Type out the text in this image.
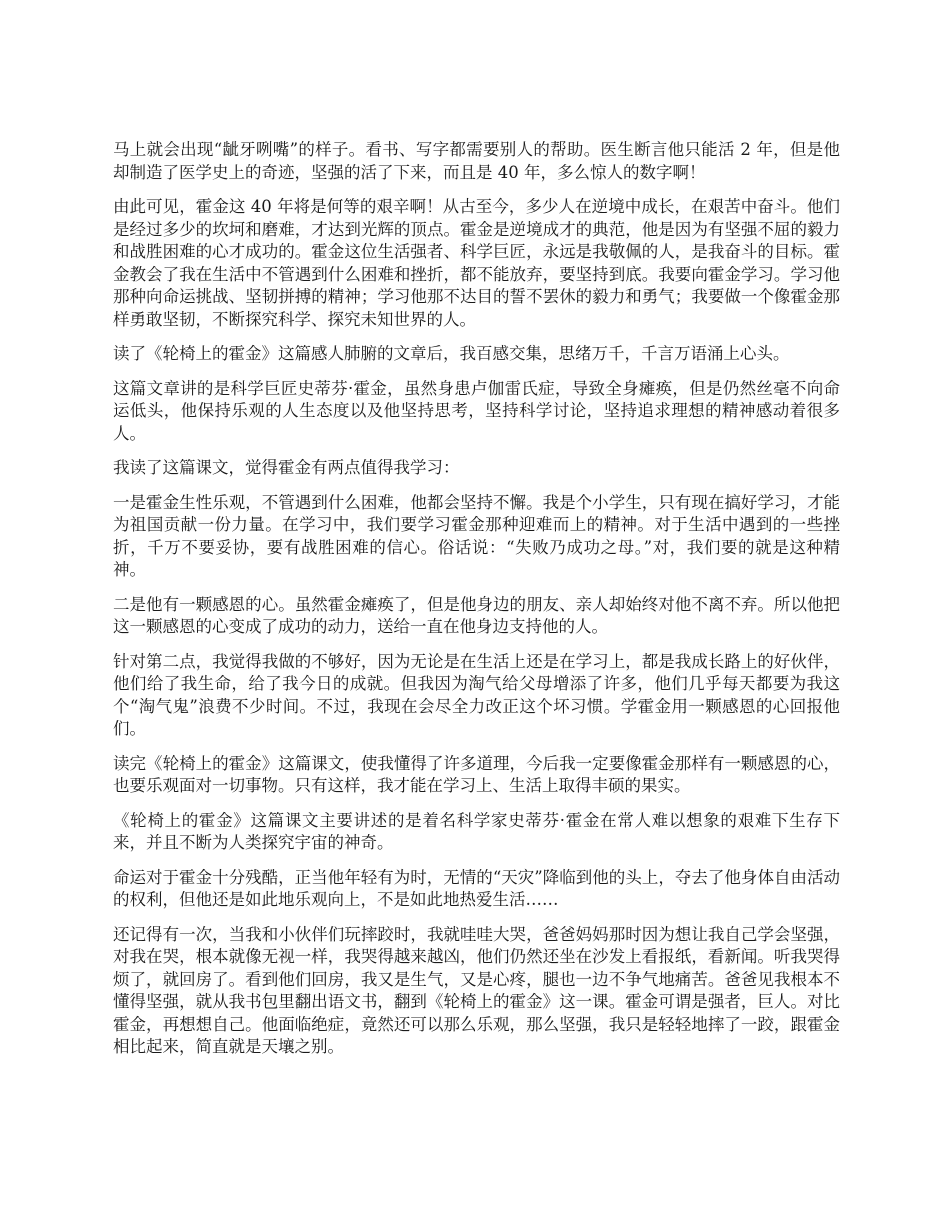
马上就会出现“龇牙咧嘴”的样子。看书、写字都需要别人的帮助。医生断言他只能活 2 年，但是他却制造了医学史上的奇迹，坚强的活了下来，而且是 40 年，多么惊人的数字啊！

由此可见，霍金这 40 年将是何等的艰辛啊！从古至今，多少人在逆境中成长，在艰苦中奋斗。他们是经过多少的坎坷和磨难，才达到光辉的顶点。霍金是逆境成才的典范，他是因为有坚强不屈的毅力和战胜困难的心才成功的。霍金这位生活强者、科学巨匠，永远是我敬佩的人，是我奋斗的目标。霍金教会了我在生活中不管遇到什么困难和挫折，都不能放弃，要坚持到底。我要向霍金学习。学习他那种向命运挑战、坚韧拼搏的精神；学习他那不达目的誓不罢休的毅力和勇气；我要做一个像霍金那样勇敢坚韧，不断探究科学、探究未知世界的人。

读了《轮椅上的霍金》这篇感人肺腑的文章后，我百感交集，思绪万千，千言万语涌上心头。

这篇文章讲的是科学巨匠史蒂芬·霍金，虽然身患卢伽雷氏症，导致全身瘫痪，但是仍然丝毫不向命运低头，他保持乐观的人生态度以及他坚持思考，坚持科学讨论，坚持追求理想的精神感动着很多人。

我读了这篇课文，觉得霍金有两点值得我学习：

一是霍金生性乐观，不管遇到什么困难，他都会坚持不懈。我是个小学生，只有现在搞好学习，才能为祖国贡献一份力量。在学习中，我们要学习霍金那种迎难而上的精神。对于生活中遇到的一些挫折，千万不要妥协，要有战胜困难的信心。俗话说：“失败乃成功之母。”对，我们要的就是这种精神。

二是他有一颗感恩的心。虽然霍金瘫痪了，但是他身边的朋友、亲人却始终对他不离不弃。所以他把这一颗感恩的心变成了成功的动力，送给一直在他身边支持他的人。

针对第二点，我觉得我做的不够好，因为无论是在生活上还是在学习上，都是我成长路上的好伙伴，他们给了我生命，给了我今日的成就。但我因为淘气给父母增添了许多，他们几乎每天都要为我这个“淘气鬼”浪费不少时间。不过，我现在会尽全力改正这个坏习惯。学霍金用一颗感恩的心回报他们。

读完《轮椅上的霍金》这篇课文，使我懂得了许多道理，今后我一定要像霍金那样有一颗感恩的心，也要乐观面对一切事物。只有这样，我才能在学习上、生活上取得丰硕的果实。

《轮椅上的霍金》这篇课文主要讲述的是着名科学家史蒂芬·霍金在常人难以想象的艰难下生存下来，并且不断为人类探究宇宙的神奇。

命运对于霍金十分残酷，正当他年轻有为时，无情的“天灾”降临到他的头上，夺去了他身体自由活动的权利，但他还是如此地乐观向上，不是如此地热爱生活……

还记得有一次，当我和小伙伴们玩摔跤时，我就哇哇大哭，爸爸妈妈那时因为想让我自己学会坚强，对我在哭，根本就像无视一样，我哭得越来越凶，他们仍然还坐在沙发上看报纸，看新闻。听我哭得烦了，就回房了。看到他们回房，我又是生气，又是心疼，腿也一边不争气地痛苦。爸爸见我根本不懂得坚强，就从我书包里翻出语文书，翻到《轮椅上的霍金》这一课。霍金可谓是强者，巨人。对比霍金，再想想自己。他面临绝症，竟然还可以那么乐观，那么坚强，我只是轻轻地摔了一跤，跟霍金相比起来，简直就是天壤之别。
